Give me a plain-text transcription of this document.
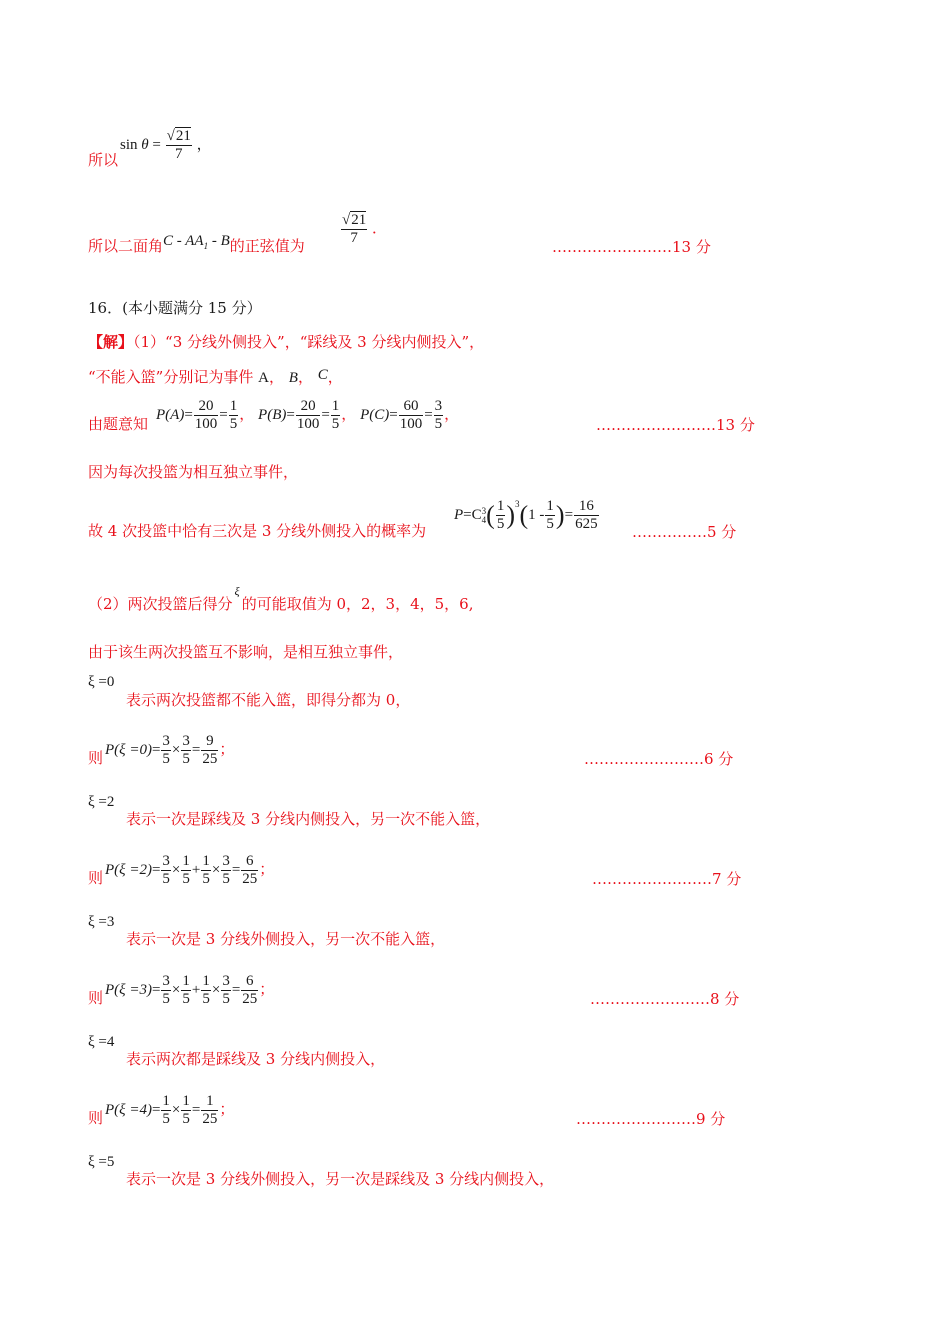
所以
$\sin \theta = \frac{√21}{7}$ ，
所以二面角C - $AA_1$ - B的正弦值为 $\frac{√21}{7}$ ．
……………………13 分
16．(本小题满分 15 分）
【解】（1）“3 分线外侧投入”，“踩线及 3 分线内侧投入”，
“不能入篮”分别记为事件 A， B， C，
由题意知
$P(A)= \frac{20}{100} = \frac{1}{5}$ ， $P(B)= \frac{20}{100} = \frac{1}{5}$ ， $P(C)= \frac{60}{100} = \frac{3}{5}$ ，
……………………13 分
因为每次投篮为相互独立事件，
故 4 次投篮中恰有三次是 3 分线外侧投入的概率为
P=C 3
4 ( $\frac{1}{5} )^3(1 - \frac{1}{5}$ )= $\frac{16}{625}$ ……………5 分
（2）两次投篮后得分$^\xi$的可能取值为 0，2，3，4，5，6,
由于该生两次投篮互不影响，是相互独立事件，
ξ =0
表示两次投篮都不能入篮，即得分都为 0，
则 $P(\xi =0)= \frac{3}{5} \times \frac{3}{5} = \frac{9}{25}$ ；
……………………6 分
ξ =2
表示一次是踩线及 3 分线内侧投入，另一次不能入篮，
则 $P(\xi =2)= \frac{3}{5} \times \frac{1}{5} + \frac{1}{5} \times \frac{3}{5} = \frac{6}{25}$ ；
……………………7 分
ξ =3
表示一次是 3 分线外侧投入，另一次不能入篮，
则 $P(\xi =3)= \frac{3}{5} \times \frac{1}{5} + \frac{1}{5} \times \frac{3}{5} = \frac{6}{25}$ ；
……………………8 分
ξ =4
表示两次都是踩线及 3 分线内侧投入，
则 $P(\xi =4)= \frac{1}{5} \times \frac{1}{5} = \frac{1}{25}$ ；
……………………9 分
ξ =5
表示一次是 3 分线外侧投入，另一次是踩线及 3 分线内侧投入，
